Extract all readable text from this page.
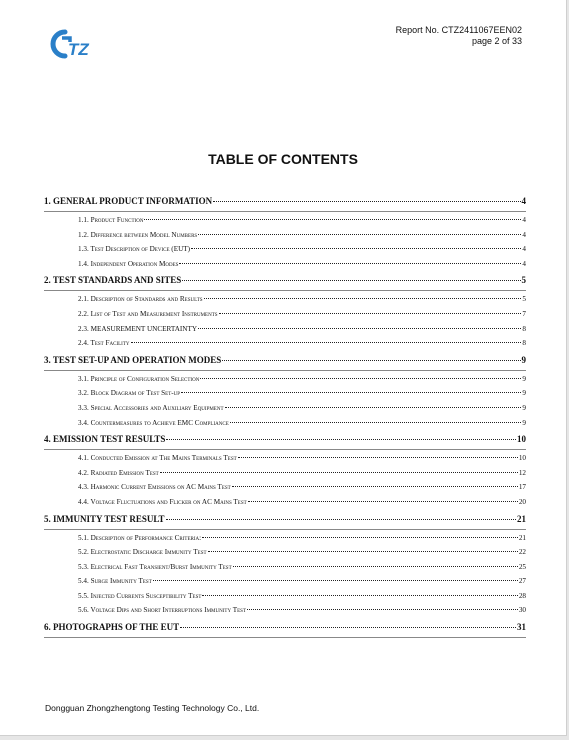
TZ
Report No. CTZ2411067EEN02
page 2 of 33
TABLE OF CONTENTS
1. GENERAL PRODUCT INFORMATION	4
1.1. Product Function	4
1.2. Difference between Model Numbers	4
1.3. Test Description of Device (EUT)	4
1.4. Independent Operation Modes	4
2. TEST STANDARDS AND SITES	5
2.1. Description of Standards and Results	5
2.2. List of Test and Measurement Instruments	7
2.3. MEASUREMENT UNCERTAINTY	8
2.4. Test Facility	8
3. TEST SET-UP AND OPERATION MODES	9
3.1. Principle of Configuration Selection	9
3.2. Block Diagram of Test Set-up	9
3.3. Special Accessories and Auxiliary Equipment	9
3.4. Countermeasures to Achieve EMC Compliance	9
4. EMISSION TEST RESULTS	10
4.1. Conducted Emission at The Mains Terminals Test	10
4.2. Radiated Emission Test	12
4.3. Harmonic Current Emissions on AC Mains Test	17
4.4. Voltage Fluctuations and Flicker on AC Mains Test	20
5. IMMUNITY TEST RESULT	21
5.1. Description of Performance Criteria:	21
5.2. Electrostatic Discharge Immunity Test	22
5.3. Electrical Fast Transient/Burst Immunity Test	25
5.4. Surge Immunity Test	27
5.5. Injected Currents Susceptibility Test	28
5.6. Voltage Dips and Short Interruptions Immunity Test	30
6. PHOTOGRAPHS OF THE EUT	31
Dongguan Zhongzhengtong Testing Technology Co., Ltd.
